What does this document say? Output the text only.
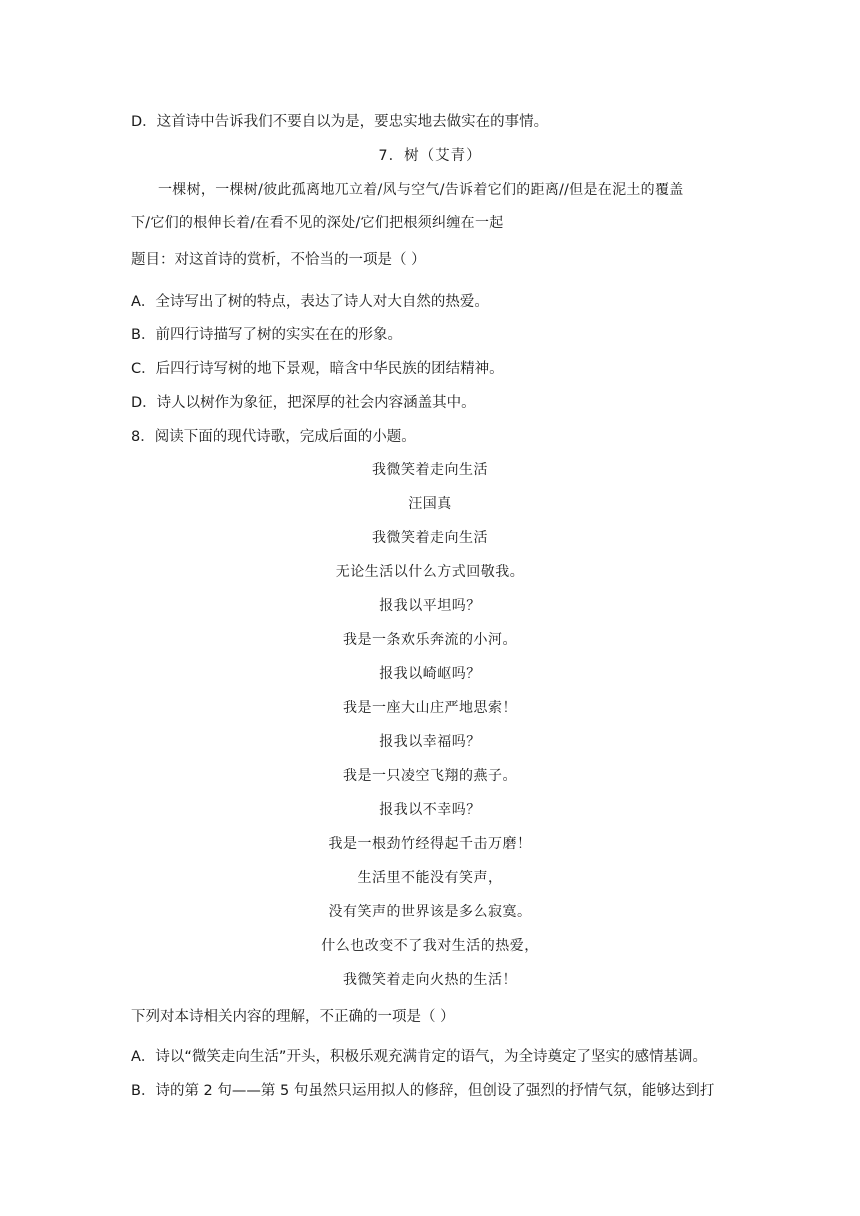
D．这首诗中告诉我们不要自以为是，要忠实地去做实在的事情。
7．树（艾青）
一棵树，一棵树/彼此孤离地兀立着/风与空气/告诉着它们的距离//但是在泥土的覆盖
下/它们的根伸长着/在看不见的深处/它们把根须纠缠在一起
题目：对这首诗的赏析，不恰当的一项是（ ）
A．全诗写出了树的特点，表达了诗人对大自然的热爱。
B．前四行诗描写了树的实实在在的形象。
C．后四行诗写树的地下景观，暗含中华民族的团结精神。
D．诗人以树作为象征，把深厚的社会内容涵盖其中。
8．阅读下面的现代诗歌，完成后面的小题。
我微笑着走向生活
汪国真
我微笑着走向生活
无论生活以什么方式回敬我。
报我以平坦吗？
我是一条欢乐奔流的小河。
报我以崎岖吗？
我是一座大山庄严地思索！
报我以幸福吗？
我是一只凌空飞翔的燕子。
报我以不幸吗？
我是一根劲竹经得起千击万磨！
生活里不能没有笑声，
没有笑声的世界该是多么寂寞。
什么也改变不了我对生活的热爱，
我微笑着走向火热的生活！
下列对本诗相关内容的理解，不正确的一项是（ ）
A．诗以“微笑走向生活”开头，积极乐观充满肯定的语气，为全诗奠定了坚实的感情基调。
B．诗的第 2 句——第 5 句虽然只运用拟人的修辞，但创设了强烈的抒情气氛，能够达到打
